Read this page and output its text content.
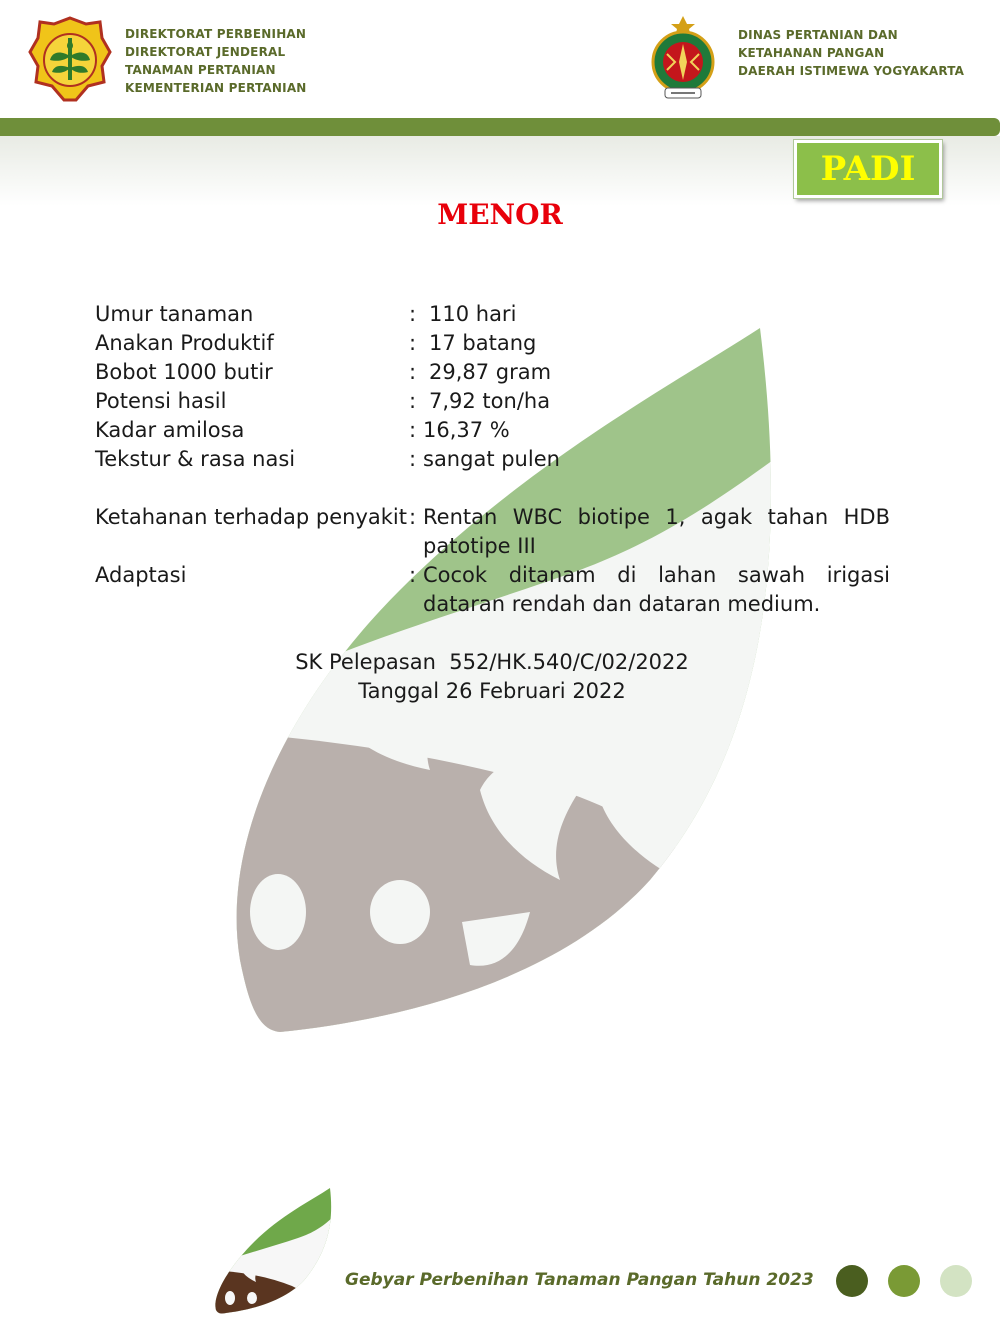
DIREKTORAT PERBENIHAN
DIREKTORAT JENDERAL
TANAMAN PERTANIAN
KEMENTERIAN PERTANIAN
DINAS PERTANIAN DAN
KETAHANAN PANGAN
DAERAH ISTIMEWA YOGYAKARTA
PADI
MENOR
Umur tanaman	: 110 hari
Anakan Produktif	: 17 batang
Bobot 1000 butir	: 29,87 gram
Potensi hasil	: 7,92 ton/ha
Kadar amilosa	: 16,37 %
Tekstur & rasa nasi	: sangat pulen
Ketahanan terhadap penyakit : Rentan WBC biotipe 1, agak tahan HDB patotipe III
Adaptasi	: Cocok ditanam di lahan sawah irigasi dataran rendah dan dataran medium.
SK Pelepasan  552/HK.540/C/02/2022
Tanggal 26 Februari 2022
Gebyar Perbenihan Tanaman Pangan Tahun 2023
